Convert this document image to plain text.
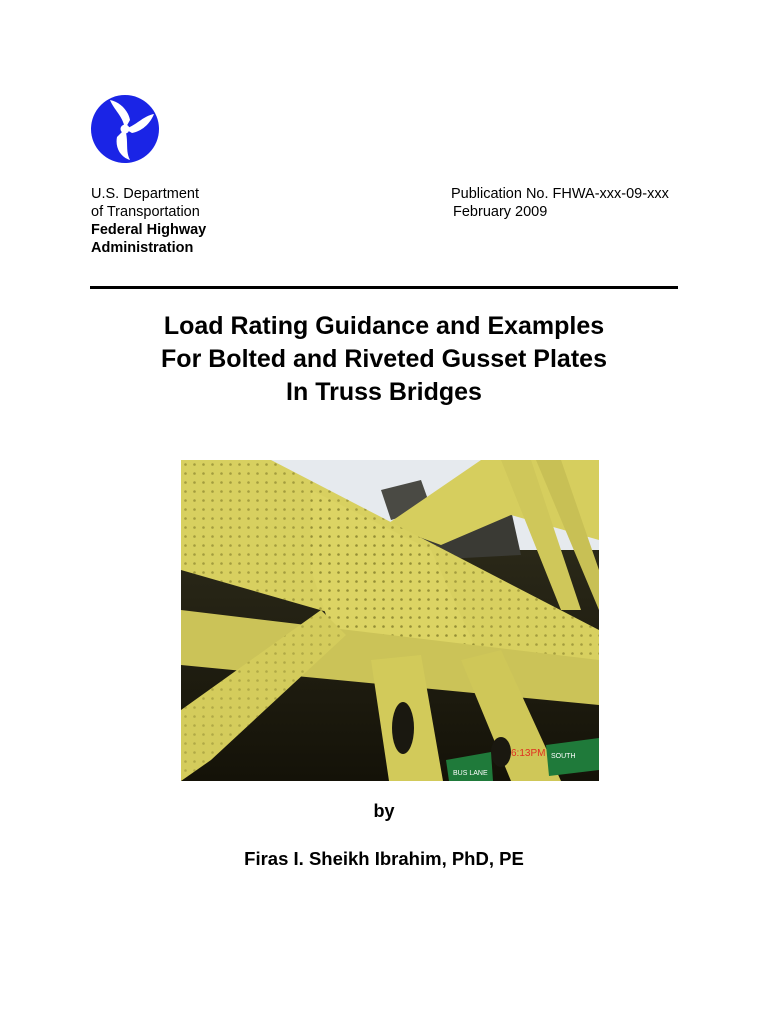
U.S. Department
of Transportation
Federal Highway
Administration
Publication No. FHWA-xxx-09-xxx
February 2009
Load Rating Guidance and Examples
For Bolted and Riveted Gusset Plates
In Truss Bridges
BUS LANE
SOUTH
6:13PM
by
Firas I. Sheikh Ibrahim, PhD, PE
